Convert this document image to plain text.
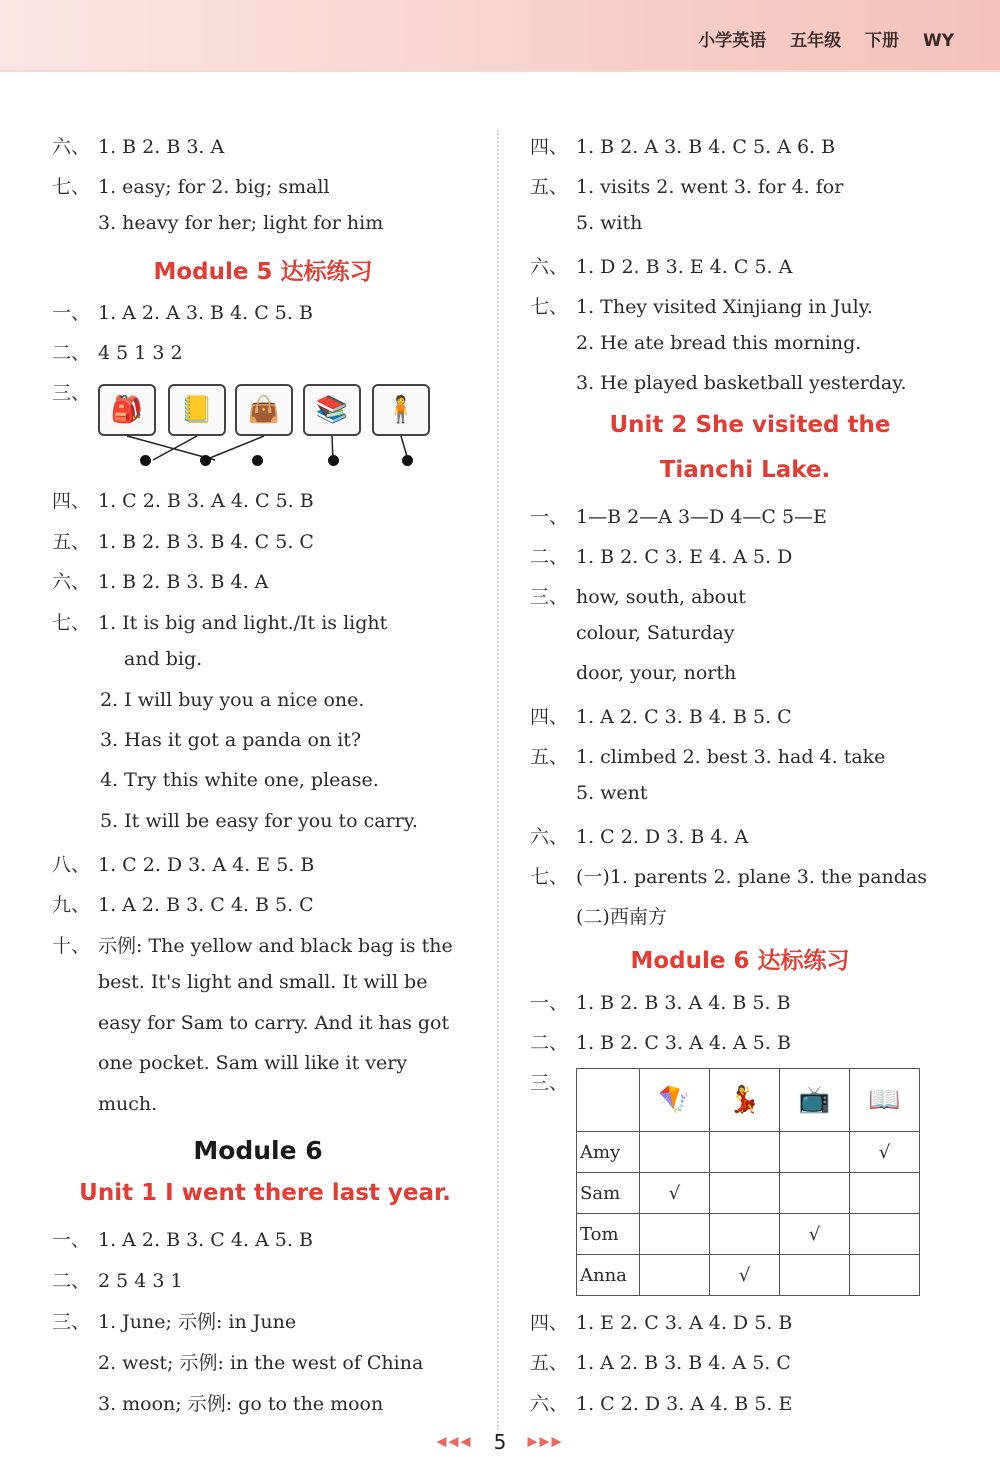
小学英语 五年级 下册 WY
六、 1. B 2. B 3. A
七、 1. easy; for 2. big; small
3. heavy for her; light for him
Module 5 达标练习
一、 1. A 2. A 3. B 4. C 5. B
二、 4 5 1 3 2
三、
🎒	📒	👜	📚	🧍
四、 1. C 2. B 3. A 4. C 5. B
五、 1. B 2. B 3. B 4. C 5. C
六、 1. B 2. B 3. B 4. A
七、 1. It is big and light./It is light
and big.
2. I will buy you a nice one.
3. Has it got a panda on it?
4. Try this white one, please.
5. It will be easy for you to carry.
八、 1. C 2. D 3. A 4. E 5. B
九、 1. A 2. B 3. C 4. B 5. C
十、 示例: The yellow and black bag is the
best. It's light and small. It will be
easy for Sam to carry. And it has got
one pocket. Sam will like it very
much.
Module 6
Unit 1 I went there last year.
一、 1. A 2. B 3. C 4. A 5. B
二、 2 5 4 3 1
三、 1. June; 示例: in June
2. west; 示例: in the west of China
3. moon; 示例: go to the moon
四、 1. B 2. A 3. B 4. C 5. A 6. B
五、 1. visits 2. went 3. for 4. for
5. with
六、 1. D 2. B 3. E 4. C 5. A
七、 1. They visited Xinjiang in July.
2. He ate bread this morning.
3. He played basketball yesterday.
Unit 2 She visited the
Tianchi Lake.
一、 1—B 2—A 3—D 4—C 5—E
二、 1. B 2. C 3. E 4. A 5. D
三、 how, south, about
colour, Saturday
door, your, north
四、 1. A 2. C 3. B 4. B 5. C
五、 1. climbed 2. best 3. had 4. take
5. went
六、 1. C 2. D 3. B 4. A
七、 (一)1. parents 2. plane 3. the pandas
(二)西南方
Module 6 达标练习
一、 1. B 2. B 3. A 4. B 5. B
二、 1. B 2. C 3. A 4. A 5. B
三、
	🪁	💃	📺	📖
Amy				√
Sam	√			
Tom			√	
Anna		√		
四、 1. E 2. C 3. A 4. D 5. B
五、 1. A 2. B 3. B 4. A 5. C
六、 1. C 2. D 3. A 4. B 5. E
◀◀◀ 5 ▶▶▶
